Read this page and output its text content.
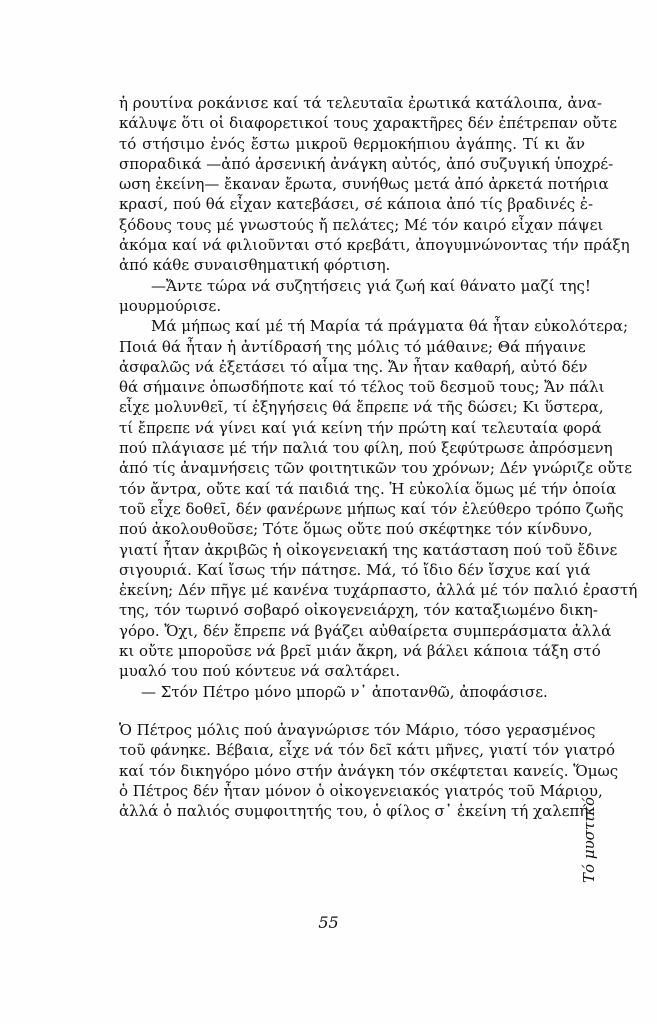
ἡ ρουτίνα ροκάνισε καί τά τελευταῖα ἐρωτικά κατάλοιπα, ἀνα-
κάλυψε ὅτι οἱ διαφορετικοί τους χαρακτῆρες δέν ἐπέτρεπαν οὔτε
τό στήσιμο ἑνός ἔστω μικροῦ θερμοκήπιου ἀγάπης. Τί κι ἄν
σποραδικά —ἀπό ἀρσενική ἀνάγκη αὐτός, ἀπό συζυγική ὑποχρέ-
ωση ἐκείνη— ἔκαναν ἔρωτα, συνήθως μετά ἀπό ἀρκετά ποτήρια
κρασί, πού θά εἶχαν κατεβάσει, σέ κάποια ἀπό τίς βραδινές ἐ-
ξόδους τους μέ γνωστούς ἤ πελάτες; Μέ τόν καιρό εἶχαν πάψει
ἀκόμα καί νά φιλιοῦνται στό κρεβάτι, ἀπογυμνώνοντας τήν πράξη
ἀπό κάθε συναισθηματική φόρτιση.
—Ἄντε τώρα νά συζητήσεις γιά ζωή καί θάνατο μαζί της!
μουρμούρισε.
Μά μήπως καί μέ τή Μαρία τά πράγματα θά ἦταν εὐκολότερα;
Ποιά θά ἦταν ἡ ἀντίδρασή της μόλις τό μάθαινε; Θά πήγαινε
ἀσφαλῶς νά ἐξετάσει τό αἷμα της. Ἄν ἦταν καθαρή, αὐτό δέν
θά σήμαινε ὁπωσδήποτε καί τό τέλος τοῦ δεσμοῦ τους; Ἄν πάλι
εἶχε μολυνθεῖ, τί ἐξηγήσεις θά ἔπρεπε νά τῆς δώσει; Κι ὕστερα,
τί ἔπρεπε νά γίνει καί γιά κείνη τήν πρώτη καί τελευταία φορά
πού πλάγιασε μέ τήν παλιά του φίλη, πού ξεφύτρωσε ἀπρόσμενη
ἀπό τίς ἀναμνήσεις τῶν φοιτητικῶν του χρόνων; Δέν γνώριζε οὔτε
τόν ἄντρα, οὔτε καί τά παιδιά της. Ἡ εὐκολία ὅμως μέ τήν ὁποία
τοῦ εἶχε δοθεῖ, δέν φανέρωνε μήπως καί τόν ἐλεύθερο τρόπο ζωῆς
πού ἀκολουθοῦσε; Τότε ὅμως οὔτε πού σκέφτηκε τόν κίνδυνο,
γιατί ἦταν ἀκριβῶς ἡ οἰκογενειακή της κατάσταση πού τοῦ ἔδινε
σιγουριά. Καί ἴσως τήν πάτησε. Μά, τό ἴδιο δέν ἴσχυε καί γιά
ἐκείνη; Δέν πῆγε μέ κανένα τυχάρπαστο, ἀλλά μέ τόν παλιό ἐραστή
της, τόν τωρινό σοβαρό οἰκογενειάρχη, τόν καταξιωμένο δικη-
γόρο. Ὄχι, δέν ἔπρεπε νά βγάζει αὐθαίρετα συμπεράσματα ἀλλά
κι οὔτε μποροῦσε νά βρεῖ μιάν ἄκρη, νά βάλει κάποια τάξη στό
μυαλό του πού κόντευε νά σαλτάρει.
— Στόν Πέτρο μόνο μπορῶ ν᾽ ἀποτανθῶ, ἀποφάσισε.
Ὁ Πέτρος μόλις πού ἀναγνώρισε τόν Μάριο, τόσο γερασμένος
τοῦ φάνηκε. Βέβαια, εἶχε νά τόν δεῖ κάτι μῆνες, γιατί τόν γιατρό
καί τόν δικηγόρο μόνο στήν ἀνάγκη τόν σκέφτεται κανείς. Ὅμως
ὁ Πέτρος δέν ἦταν μόνον ὁ οἰκογενειακός γιατρός τοῦ Μάριου,
ἀλλά ὁ παλιός συμφοιτητής του, ὁ φίλος σ᾽ ἐκείνη τή χαλεπή
Τό μυστικό
55
